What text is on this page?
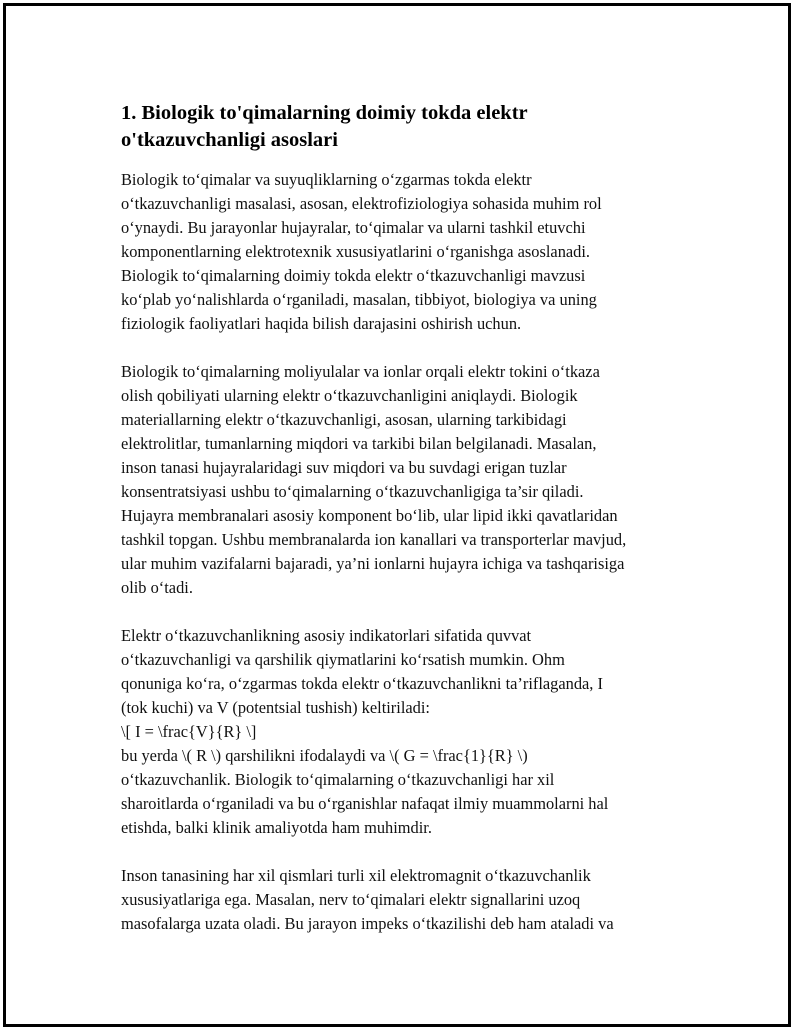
1. Biologik to'qimalarning doimiy tokda elektr
o'tkazuvchanligi asoslari

Biologik to‘qimalar va suyuqliklarning o‘zgarmas tokda elektr
o‘tkazuvchanligi masalasi, asosan, elektrofiziologiya sohasida muhim rol
o‘ynaydi. Bu jarayonlar hujayralar, to‘qimalar va ularni tashkil etuvchi
komponentlarning elektrotexnik xususiyatlarini o‘rganishga asoslanadi.
Biologik to‘qimalarning doimiy tokda elektr o‘tkazuvchanligi mavzusi
ko‘plab yo‘nalishlarda o‘rganiladi, masalan, tibbiyot, biologiya va uning
fiziologik faoliyatlari haqida bilish darajasini oshirish uchun.

Biologik to‘qimalarning moliyulalar va ionlar orqali elektr tokini o‘tkaza
olish qobiliyati ularning elektr o‘tkazuvchanligini aniqlaydi. Biologik
materiallarning elektr o‘tkazuvchanligi, asosan, ularning tarkibidagi
elektrolitlar, tumanlarning miqdori va tarkibi bilan belgilanadi. Masalan,
inson tanasi hujayralaridagi suv miqdori va bu suvdagi erigan tuzlar
konsentratsiyasi ushbu to‘qimalarning o‘tkazuvchanligiga ta’sir qiladi.
Hujayra membranalari asosiy komponent bo‘lib, ular lipid ikki qavatlaridan
tashkil topgan. Ushbu membranalarda ion kanallari va transporterlar mavjud,
ular muhim vazifalarni bajaradi, ya’ni ionlarni hujayra ichiga va tashqarisiga
olib o‘tadi.

Elektr o‘tkazuvchanlikning asosiy indikatorlari sifatida quvvat
o‘tkazuvchanligi va qarshilik qiymatlarini ko‘rsatish mumkin. Ohm
qonuniga ko‘ra, o‘zgarmas tokda elektr o‘tkazuvchanlikni ta’riflaganda, I
(tok kuchi) va V (potentsial tushish) keltiriladi:
\[ I = \frac{V}{R} \]
bu yerda \( R \) qarshilikni ifodalaydi va \( G = \frac{1}{R} \)
o‘tkazuvchanlik. Biologik to‘qimalarning o‘tkazuvchanligi har xil
sharoitlarda o‘rganiladi va bu o‘rganishlar nafaqat ilmiy muammolarni hal
etishda, balki klinik amaliyotda ham muhimdir.

Inson tanasining har xil qismlari turli xil elektromagnit o‘tkazuvchanlik
xususiyatlariga ega. Masalan, nerv to‘qimalari elektr signallarini uzoq
masofalarga uzata oladi. Bu jarayon impeks o‘tkazilishi deb ham ataladi va
